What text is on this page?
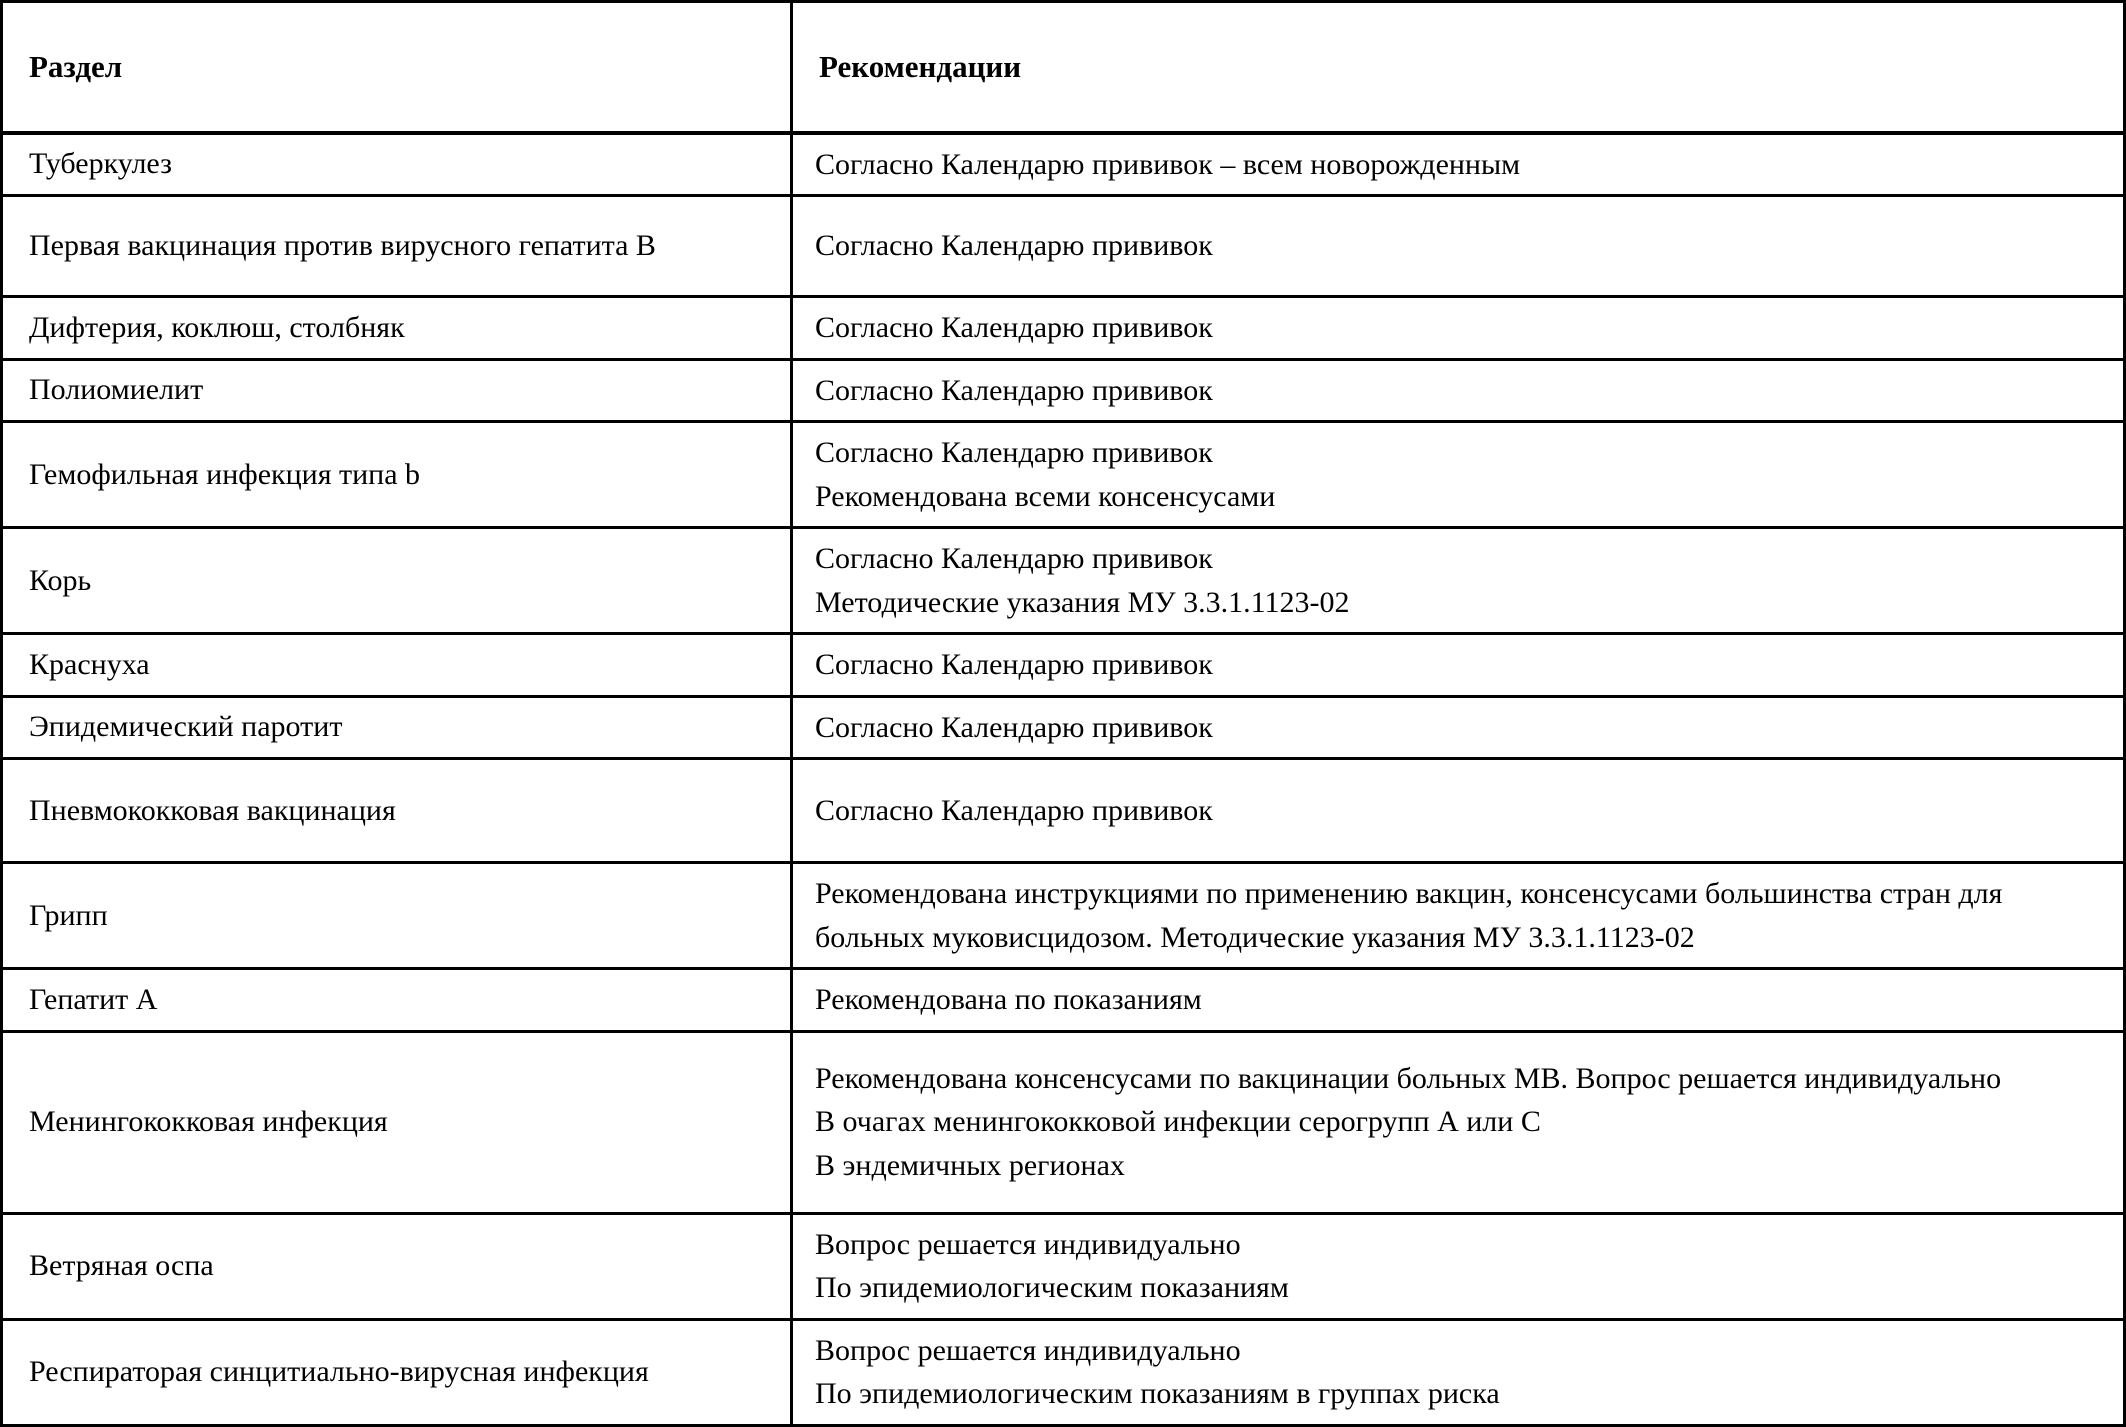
Раздел	Рекомендации
Туберкулез	Согласно Календарю прививок – всем новорожденным

Первая вакцинация против вирусного гепатита В	Согласно Календарю прививок

Дифтерия, коклюш, столбняк	Согласно Календарю прививок

Полиомиелит	Согласно Календарю прививок

Гемофильная инфекция типа b	Согласно Календарю прививок
Рекомендована всеми консенсусами

Корь	Согласно Календарю прививок
Методические указания МУ 3.3.1.1123-02

Краснуха	Согласно Календарю прививок

Эпидемический паротит	Согласно Календарю прививок

Пневмококковая вакцинация	Согласно Календарю прививок

Грипп	Рекомендована инструкциями по применению вакцин, консенсусами большинства стран для больных муковисцидозом. Методические указания МУ 3.3.1.1123-02

Гепатит А	Рекомендована по показаниям

Менингококковая инфекция	Рекомендована консенсусами по вакцинации больных МВ. Вопрос решается индивидуально
В очагах менингококковой инфекции серогрупп А или С
В эндемичных регионах

Ветряная оспа	Вопрос решается индивидуально
По эпидемиологическим показаниям

Респираторая синцитиально-вирусная инфекция	Вопрос решается индивидуально
По эпидемиологическим показаниям в группах риска
